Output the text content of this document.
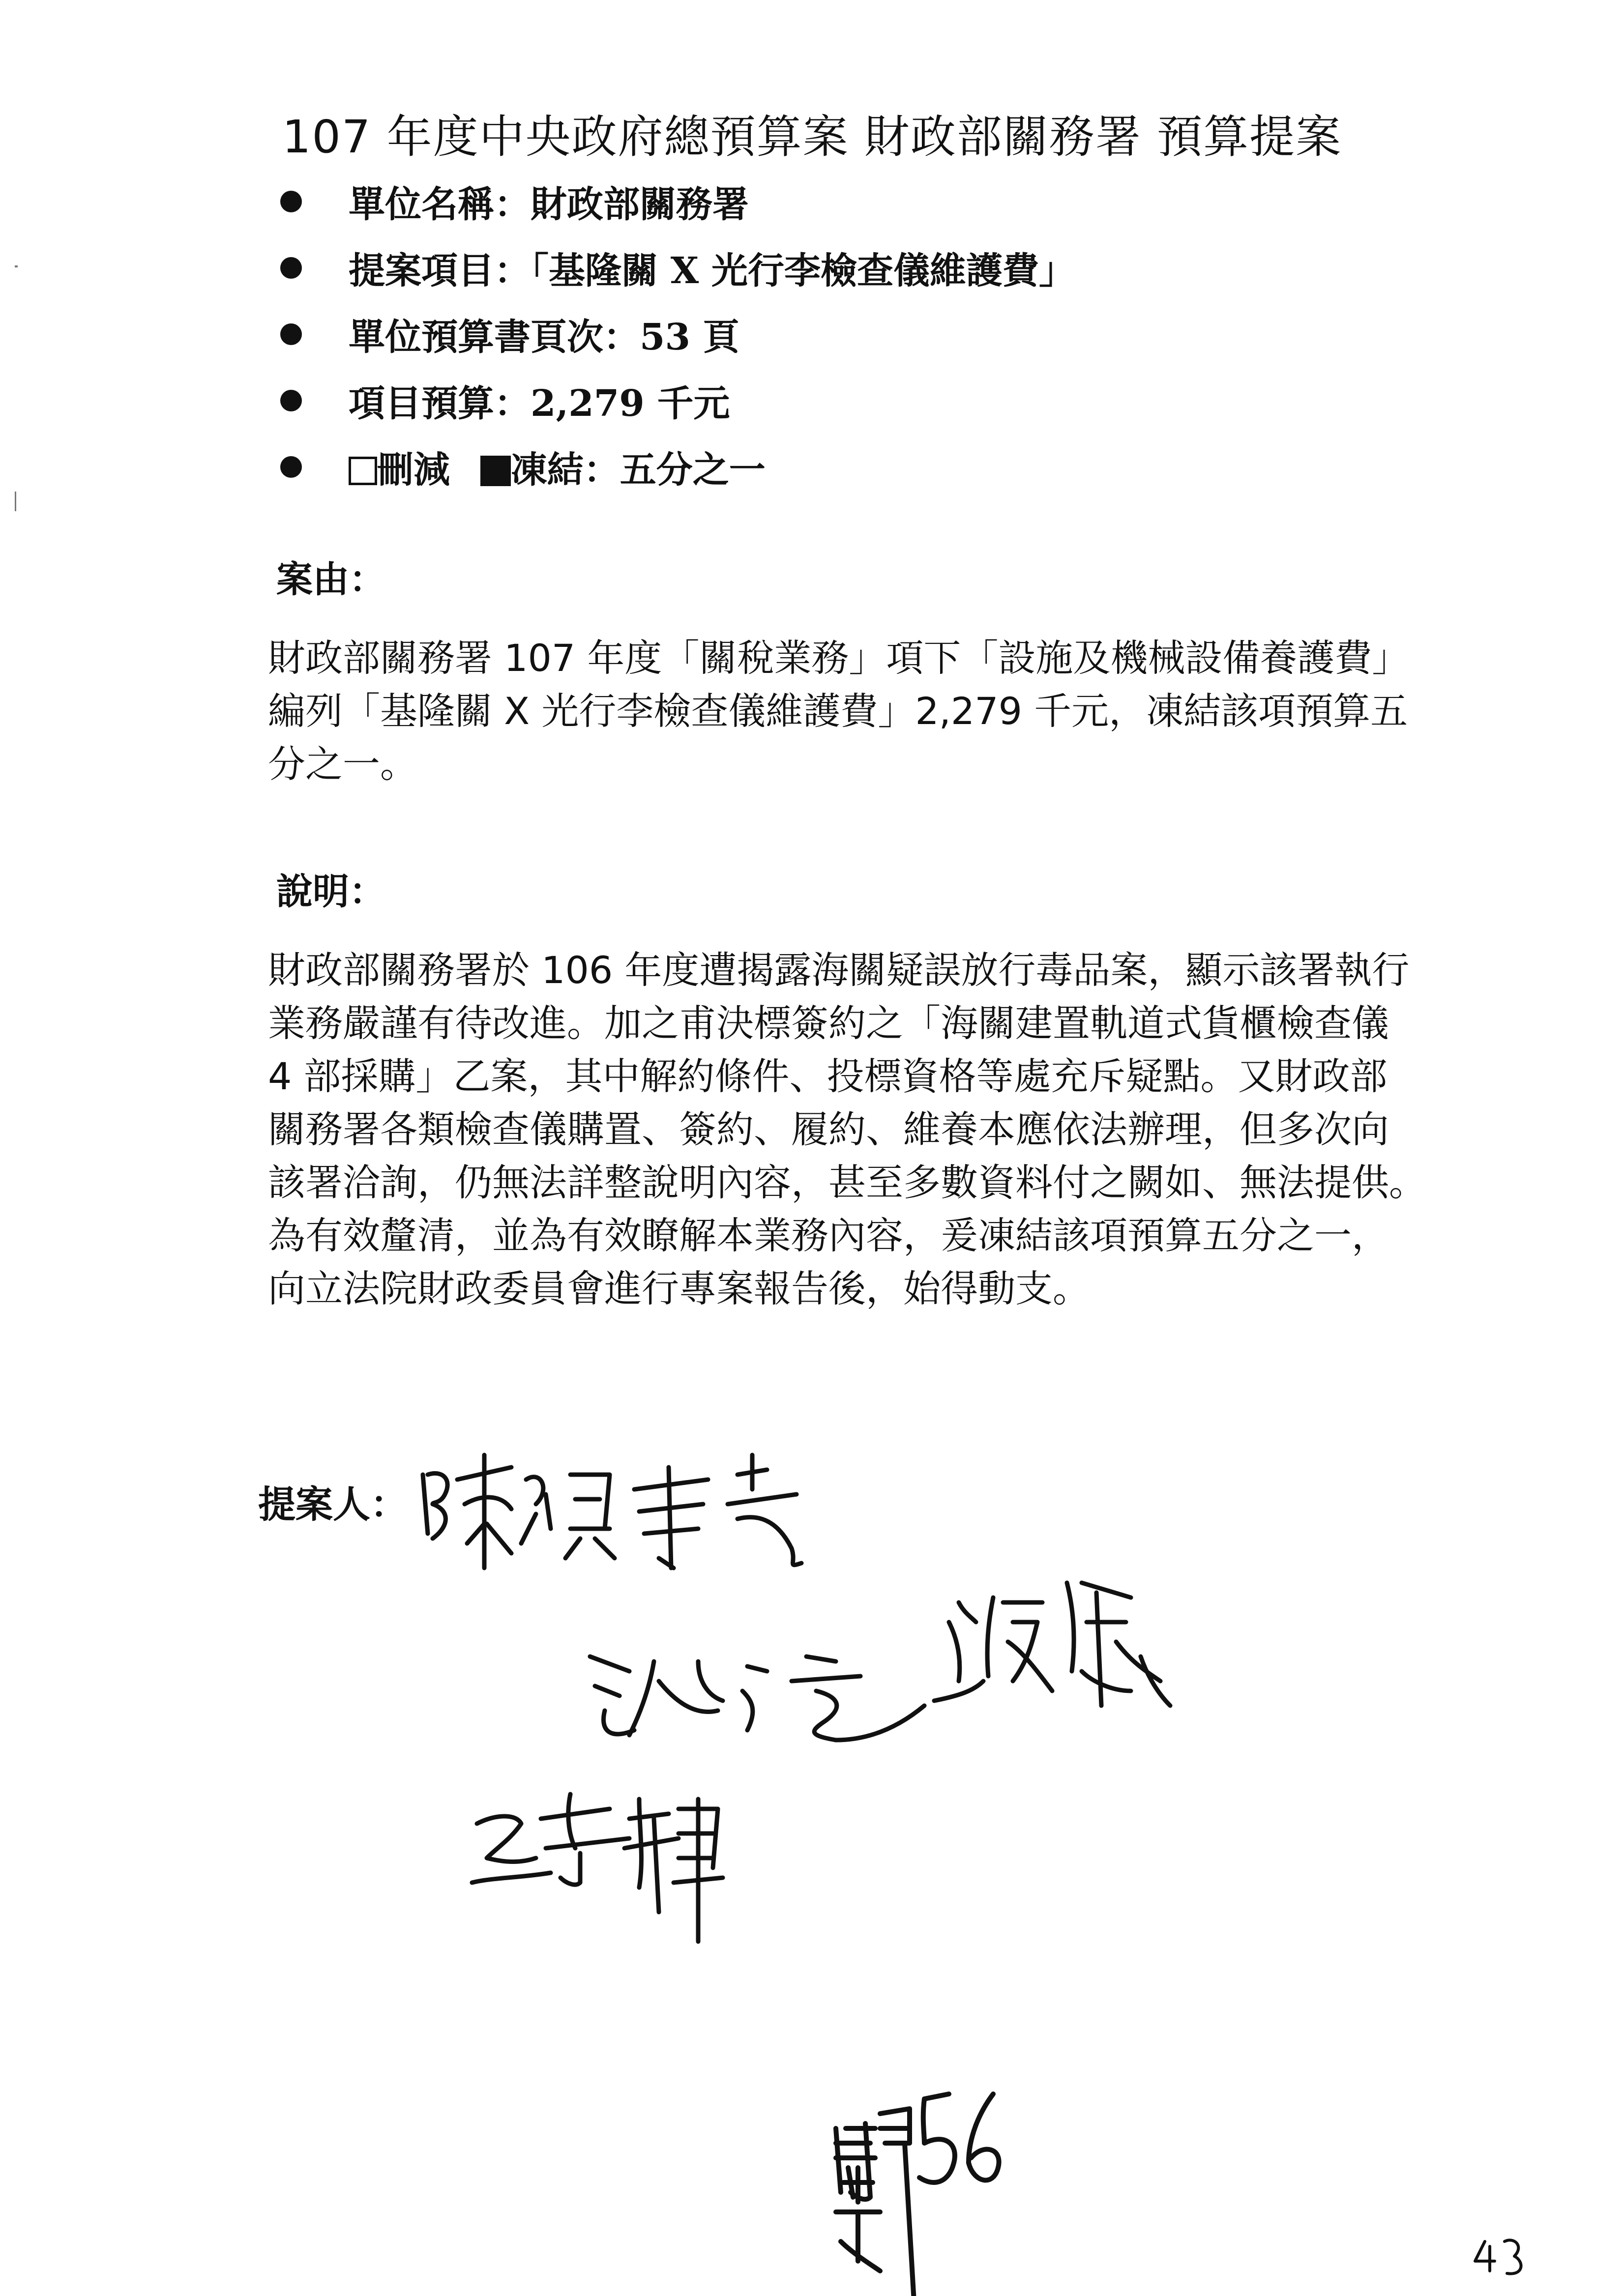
107 年度中央政府總預算案 財政部關務署 預算提案
單位名稱：財政部關務署
提案項目：「基隆關 X 光行李檢查儀維護費」
單位預算書頁次：53 頁
項目預算：2,279 千元
刪減 凍結：五分之一
案由：
財政部關務署 107 年度「關稅業務」項下「設施及機械設備養護費」
編列「基隆關 X 光行李檢查儀維護費」2,279 千元，凍結該項預算五
分之一。
說明：
財政部關務署於 106 年度遭揭露海關疑誤放行毒品案，顯示該署執行
業務嚴謹有待改進。加之甫決標簽約之「海關建置軌道式貨櫃檢查儀
4 部採購」乙案，其中解約條件、投標資格等處充斥疑點。又財政部
關務署各類檢查儀購置、簽約、履約、維養本應依法辦理，但多次向
該署洽詢，仍無法詳整說明內容，甚至多數資料付之闕如、無法提供。
為有效釐清，並為有效瞭解本業務內容，爰凍結該項預算五分之一，
向立法院財政委員會進行專案報告後，始得動支。
提案人：
